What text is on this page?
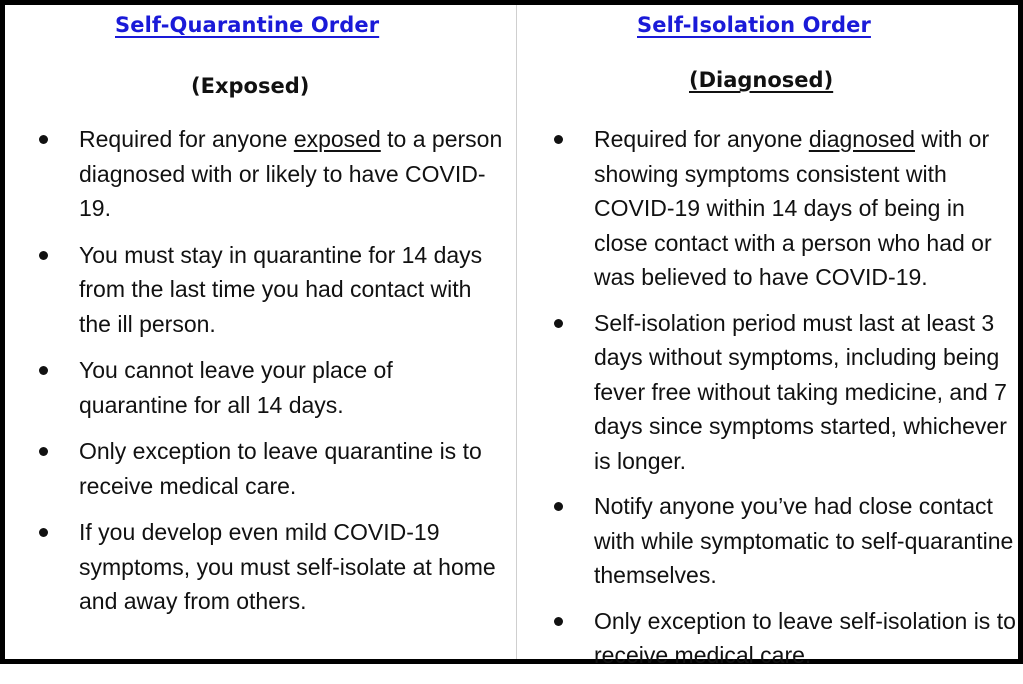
Self-Quarantine Order
(Exposed)
Required for anyone exposed to a person diagnosed with or likely to have COVID-19.
You must stay in quarantine for 14 days from the last time you had contact with the ill person.
You cannot leave your place of quarantine for all 14 days.
Only exception to leave quarantine is to receive medical care.
If you develop even mild COVID-19 symptoms, you must self-isolate at home and away from others.
Self-Isolation Order
(Diagnosed)
Required for anyone diagnosed with or showing symptoms consistent with COVID-19 within 14 days of being in close contact with a person who had or was believed to have COVID-19.
Self-isolation period must last at least 3 days without symptoms, including being fever free without taking medicine, and 7 days since symptoms started, whichever is longer.
Notify anyone you’ve had close contact with while symptomatic to self-quarantine themselves.
Only exception to leave self-isolation is to receive medical care.
